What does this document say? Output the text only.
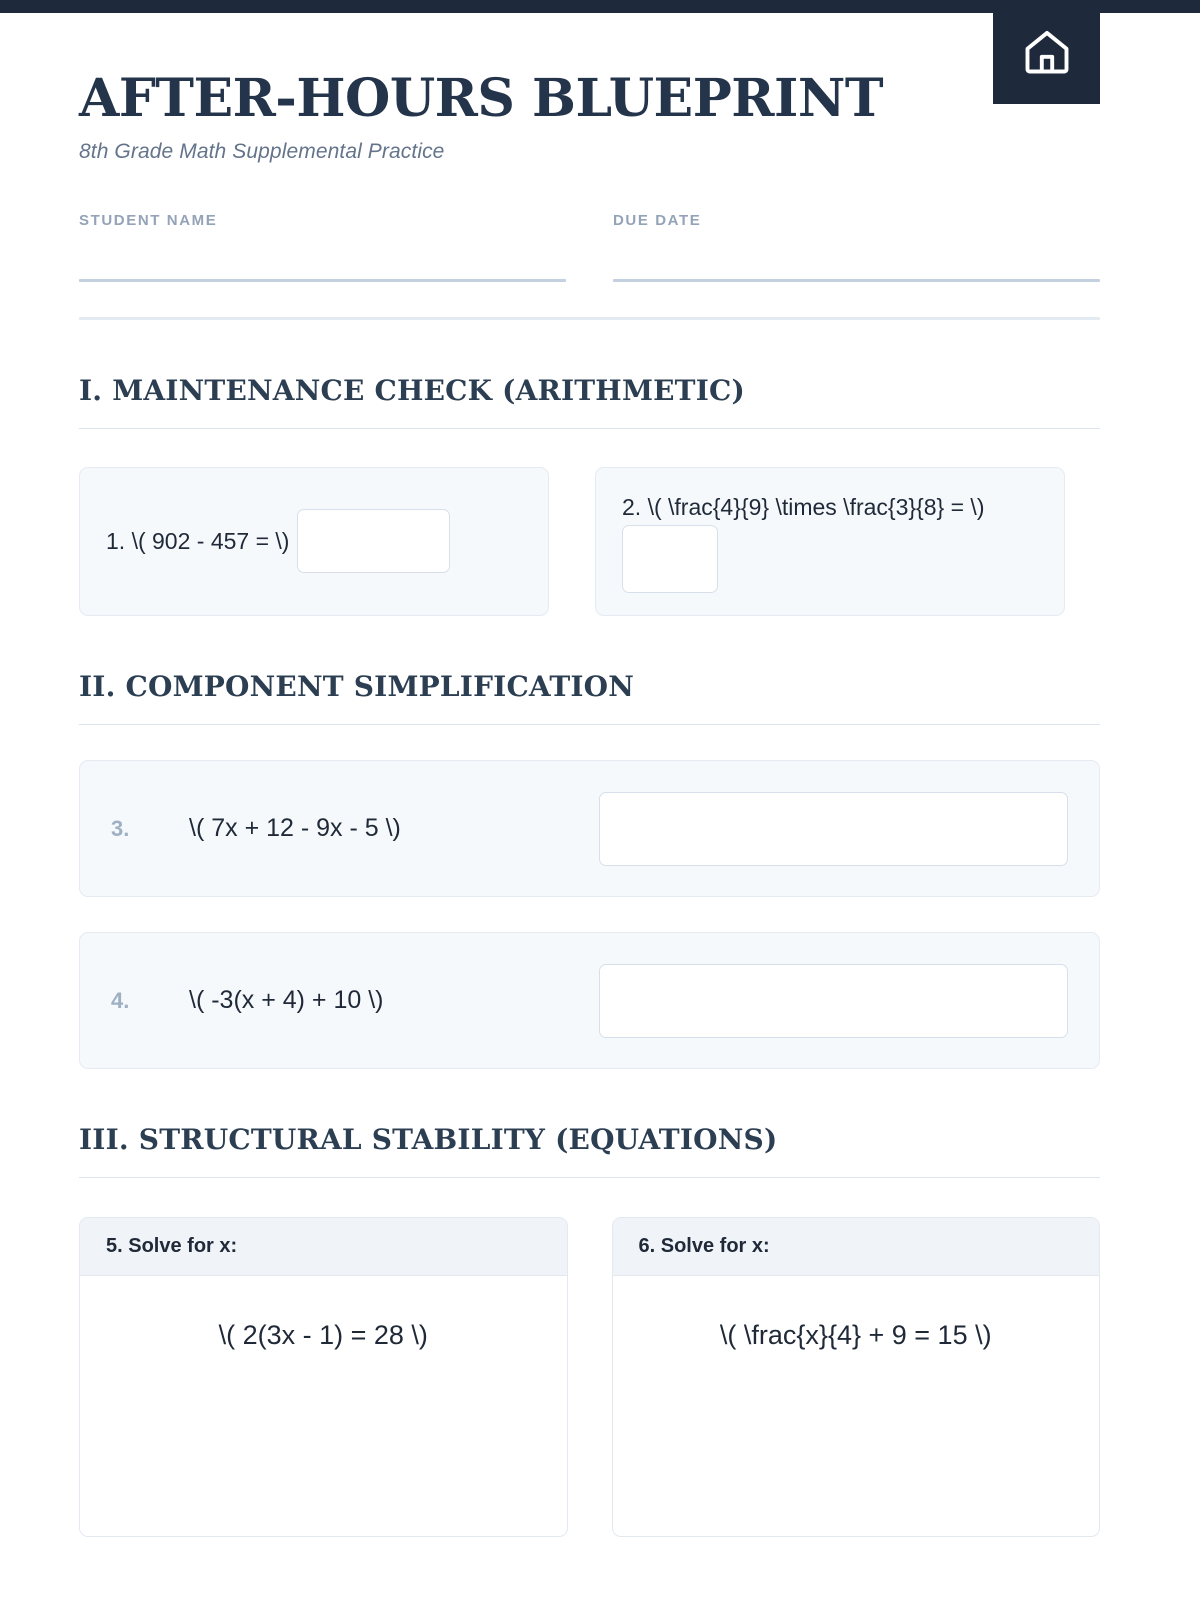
AFTER-HOURS BLUEPRINT

8th Grade Math Supplemental Practice

STUDENT NAME	DUE DATE
I. MAINTENANCE CHECK (ARITHMETIC)
1. \( 902 - 457 = \)
2. \( \frac{4}{9} \times \frac{3}{8} = \)
II. COMPONENT SIMPLIFICATION
3.	\( 7x + 12 - 9x - 5 \)
4.	\( -3(x + 4) + 10 \)
III. STRUCTURAL STABILITY (EQUATIONS)
5. Solve for x:
\( 2(3x - 1) = 28 \)
6. Solve for x:
\( \frac{x}{4} + 9 = 15 \)
